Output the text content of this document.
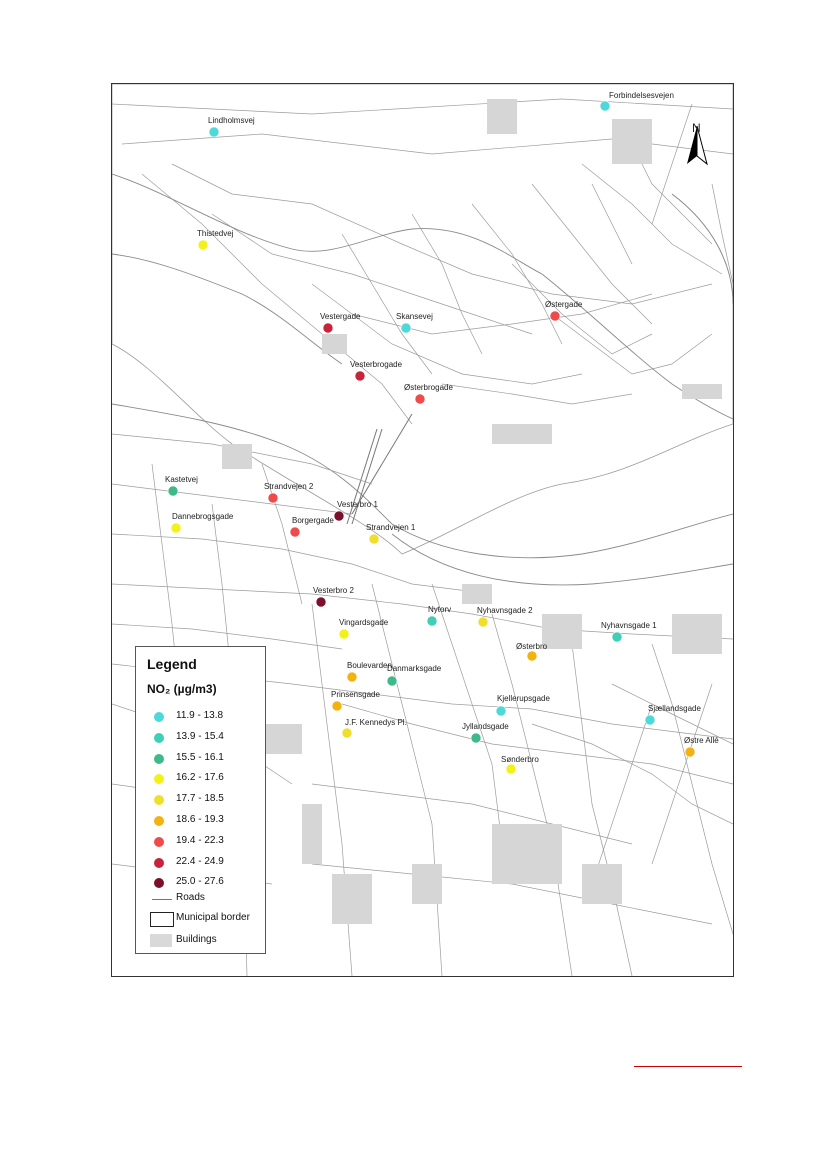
N
Forbindelsesvejen
Lindholmsvej
Thistedvej
Vestergade	Skansevej
Østergade
Vesterbrogade
Østerbrogade
Kastetvej
Strandvejen 2
Vesterbro 1
Dannebrogsgade	Borgergade
Strandvejen 1
Vesterbro 2
Nytorv	Nyhavnsgade 2
Vingardsgade	Nyhavnsgade 1
Østerbro
Boulevarden
Danmarksgade
Prinsensgade	Kjellerupsgade
Sjællandsgade
J.F. Kennedys Pl.	Jyllandsgade
Østre Allé
Sønderbro
Legend
NO₂ (µg/m3)
11.9 - 13.8
13.9 - 15.4
15.5 - 16.1
16.2 - 17.6
17.7 - 18.5
18.6 - 19.3
19.4 - 22.3
22.4 - 24.9
25.0 - 27.6
Roads
Municipal border
Buildings
